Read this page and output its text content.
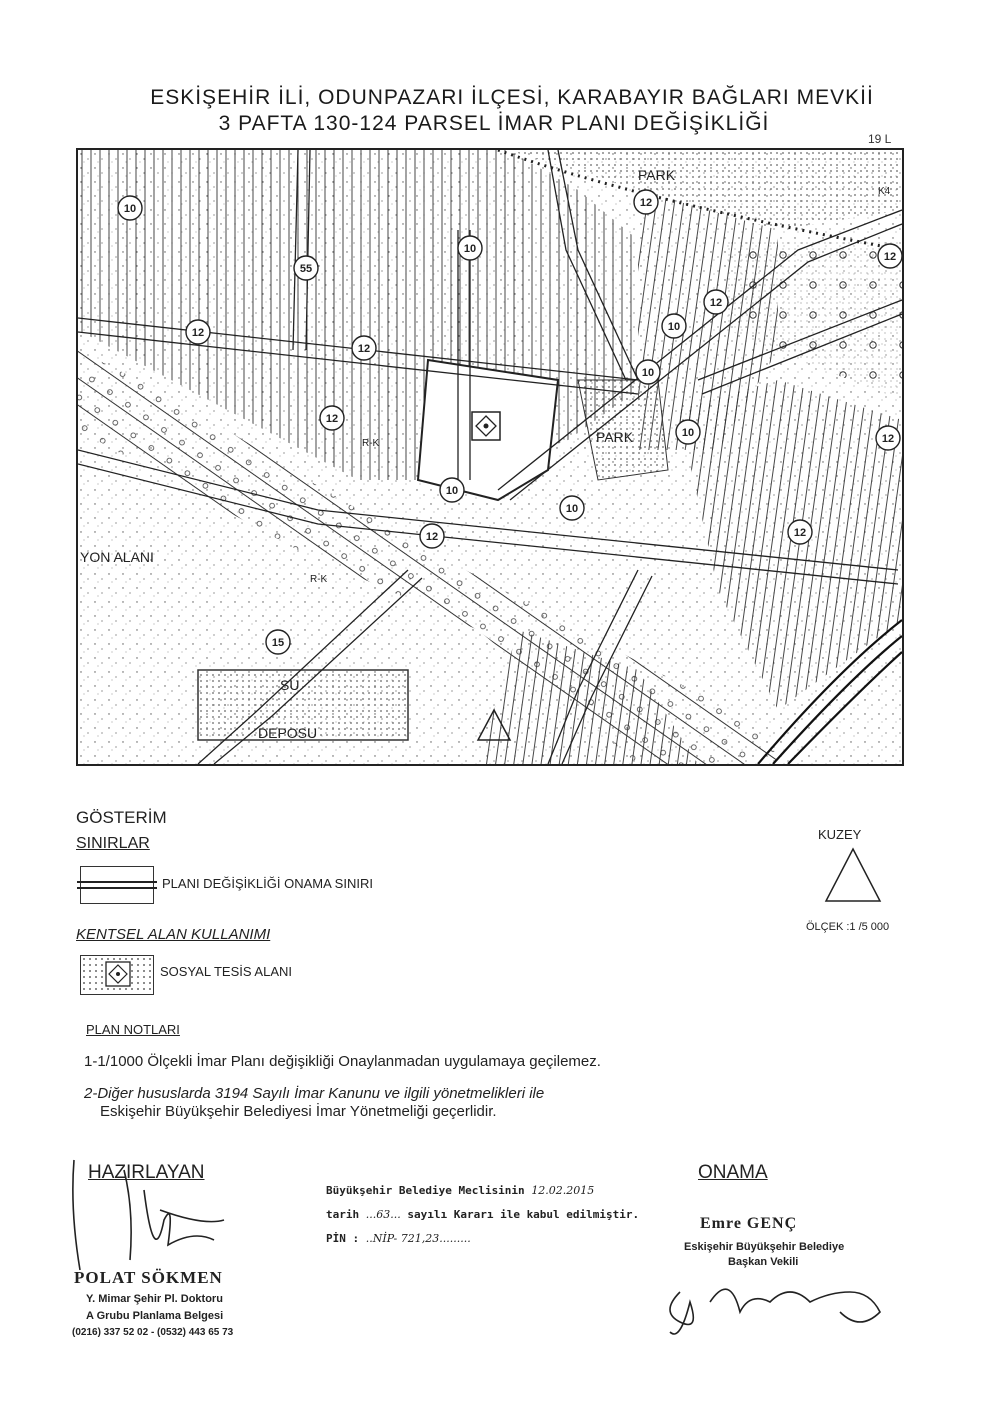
ESKİŞEHİR İLİ, ODUNPAZARI İLÇESİ, KARABAYIR BAĞLARI MEVKİİ
3 PAFTA 130-124 PARSEL İMAR PLANI DEĞİŞİKLİĞİ
19 L
PARK
PARK
YON ALANI
SU
DEPOSU
R-K
R-K
K4
10
55
10
12
12
12
12
10
12
10
12
10
10
12
15
12
10
12
GÖSTERİM
SINIRLAR
PLANI DEĞİŞİKLİĞİ ONAMA SINIRI
KENTSEL ALAN KULLANIMI
SOSYAL TESİS ALANI
KUZEY
ÖLÇEK :1 /5 000
PLAN NOTLARI
1-1/1000 Ölçekli İmar Planı değişikliği Onaylanmadan uygulamaya geçilemez.
2-Diğer hususlarda 3194 Sayılı İmar Kanunu ve ilgili yönetmelikleri ile
Eskişehir Büyükşehir Belediyesi İmar Yönetmeliği geçerlidir.
HAZIRLAYAN
POLAT SÖKMEN
Y. Mimar Şehir Pl. Doktoru
A Grubu Planlama Belgesi
(0216) 337 52 02 - (0532) 443 65 73
Büyükşehir Belediye Meclisinin 12.02.2015
tarih ...63... sayılı Kararı ile kabul edilmiştir.
PİN : ..NİP- 721,23.........
ONAMA
Emre GENÇ
Eskişehir Büyükşehir Belediye
Başkan Vekili
